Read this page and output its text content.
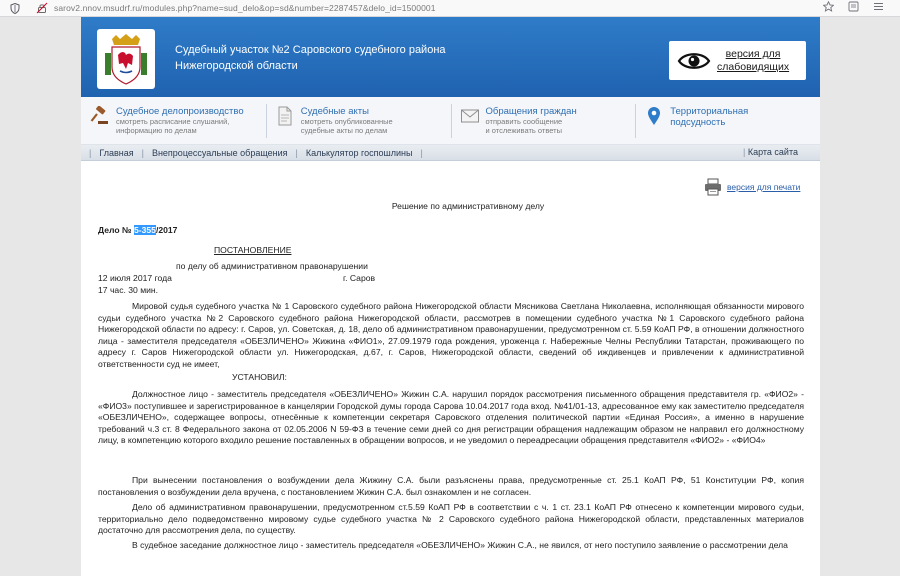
sarov2.nnov.msudrf.ru/modules.php?name=sud_delo&op=sd&number=2287457&delo_id=1500001
Судебный участок №2 Саровского судебного района
Нижегородской области
версия для
слабовидящих
Судебное делопроизводство
смотреть расписание слушаний,
информацию по делам
Судебные акты
смотреть опубликованные
судебные акты по делам
Обращения граждан
отправить сообщение
и отслеживать ответы
Территориальная
подсудность
| Главная | Внепроцессуальные обращения | Калькулятор госпошлины |	| Карта сайта
версия для печати
Решение по административному делу
Дело № 5-355/2017
ПОСТАНОВЛЕНИЕ
по делу об административном правонарушении
12 июля 2017 года	г. Саров
17 час. 30 мин.
Мировой судья судебного участка № 1 Саровского судебного района Нижегородской области Мясникова Светлана Николаевна, исполняющая обязанности мирового судьи судебного участка №2 Саровского судебного района Нижегородской области, рассмотрев в помещении судебного участка №1 Саровского судебного района Нижегородской области по адресу: г. Саров, ул. Советская, д. 18, дело об административном правонарушении, предусмотренном ст. 5.59 КоАП РФ, в отношении должностного лица - заместителя председателя «ОБЕЗЛИЧЕНО» Жижина «ФИО1», 27.09.1979 года рождения, уроженца г. Набережные Челны Республики Татарстан, проживающего по адресу г. Саров Нижегородской области ул. Нижегородская, д.67, г. Саров, Нижегородской области, сведений об иждивенцев и привлечении к административной ответственности суд не имеет,
УСТАНОВИЛ:
Должностное лицо - заместитель председателя «ОБЕЗЛИЧЕНО» Жижин С.А. нарушил порядок рассмотрения письменного обращения представителя гр. «ФИО2» - «ФИО3» поступившее и зарегистрированное в канцелярии Городской думы города Сарова 10.04.2017 года вход. №41/01-13, адресованное ему как заместителю председателя «ОБЕЗЛИЧЕНО», содержащее вопросы, отнесённые к компетенции секретаря Саровского отделения политической партии «Единая Россия», а именно в нарушение требований ч.3 ст. 8 Федерального закона от 02.05.2006 N 59-ФЗ в течение семи дней со дня регистрации обращения надлежащим образом не направил его должностному лицу, в компетенцию которого входило решение поставленных в обращении вопросов, и не уведомил о переадресации обращения представителя «ФИО2» - «ФИО4»
При вынесении постановления о возбуждении дела Жижину С.А. были разъяснены права, предусмотренные ст. 25.1 КоАП РФ, 51 Конституции РФ, копия постановления о возбуждении дела вручена, с постановлением Жижин С.А. был ознакомлен и не согласен.
Дело об административном правонарушении, предусмотренном ст.5.59 КоАП РФ в соответствии с ч. 1 ст. 23.1 КоАП РФ отнесено к компетенции мирового судьи, территориально дело подведомственно мировому судье судебного участка № 2 Саровского судебного района Нижегородской области, представленных материалов достаточно для рассмотрения дела, по существу.
В судебное заседание должностное лицо - заместитель председателя «ОБЕЗЛИЧЕНО» Жижин С.А., не явился, от него поступило заявление о рассмотрении дела
